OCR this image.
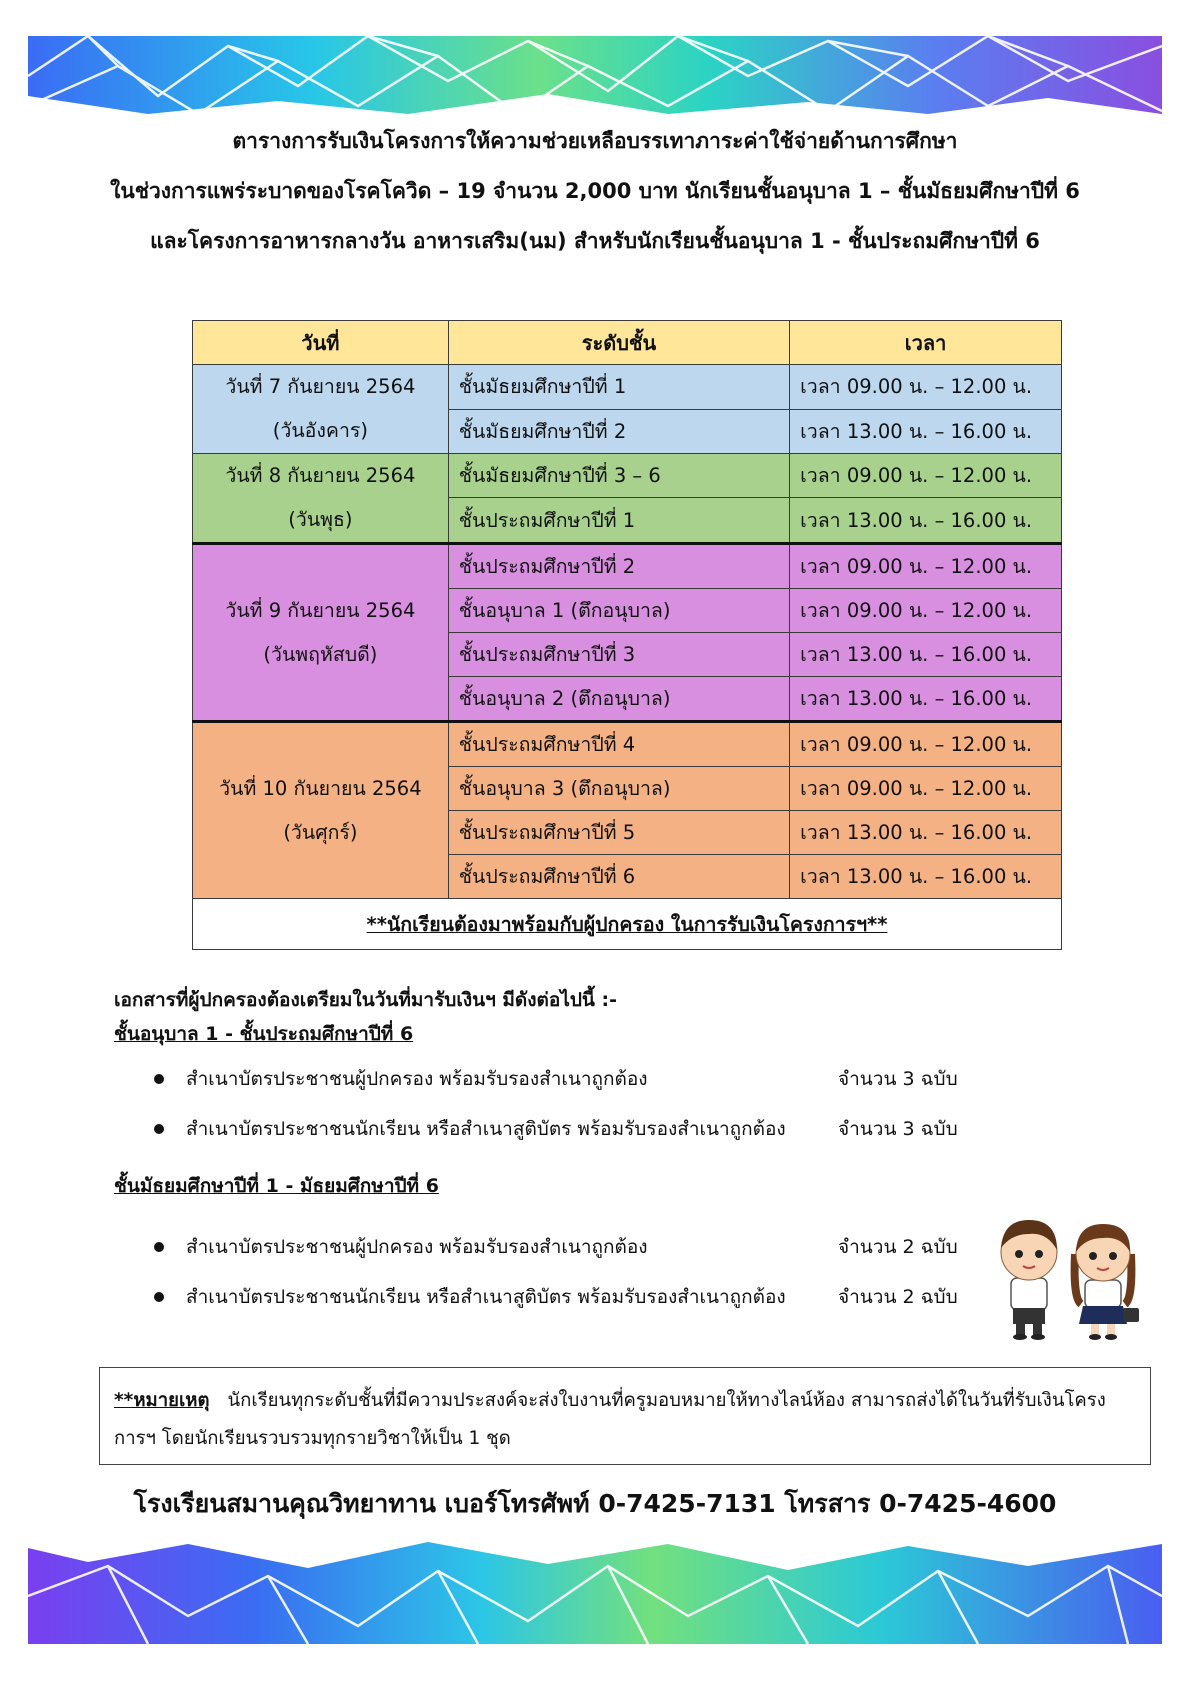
ตารางการรับเงินโครงการให้ความช่วยเหลือบรรเทาภาระค่าใช้จ่ายด้านการศึกษา
ในช่วงการแพร่ระบาดของโรคโควิด – 19 จำนวน 2,000 บาท นักเรียนชั้นอนุบาล 1 – ชั้นมัธยมศึกษาปีที่ 6
และโครงการอาหารกลางวัน อาหารเสริม(นม) สำหรับนักเรียนชั้นอนุบาล 1 - ชั้นประถมศึกษาปีที่ 6
วันที่	ระดับชั้น	เวลา

วันที่ 7 กันยายน 2564
(วันอังคาร)	ชั้นมัธยมศึกษาปีที่ 1	เวลา 09.00 น. – 12.00 น.
	ชั้นมัธยมศึกษาปีที่ 2	เวลา 13.00 น. – 16.00 น.

วันที่ 8 กันยายน 2564
(วันพุธ)	ชั้นมัธยมศึกษาปีที่ 3 – 6	เวลา 09.00 น. – 12.00 น.
	ชั้นประถมศึกษาปีที่ 1	เวลา 13.00 น. – 16.00 น.

วันที่ 9 กันยายน 2564
(วันพฤหัสบดี)	ชั้นประถมศึกษาปีที่ 2	เวลา 09.00 น. – 12.00 น.
	ชั้นอนุบาล 1 (ตึกอนุบาล)	เวลา 09.00 น. – 12.00 น.
	ชั้นประถมศึกษาปีที่ 3	เวลา 13.00 น. – 16.00 น.
	ชั้นอนุบาล 2 (ตึกอนุบาล)	เวลา 13.00 น. – 16.00 น.

วันที่ 10 กันยายน 2564
(วันศุกร์)	ชั้นประถมศึกษาปีที่ 4	เวลา 09.00 น. – 12.00 น.
	ชั้นอนุบาล 3 (ตึกอนุบาล)	เวลา 09.00 น. – 12.00 น.
	ชั้นประถมศึกษาปีที่ 5	เวลา 13.00 น. – 16.00 น.
	ชั้นประถมศึกษาปีที่ 6	เวลา 13.00 น. – 16.00 น.
**นักเรียนต้องมาพร้อมกับผู้ปกครอง ในการรับเงินโครงการฯ**		
เอกสารที่ผู้ปกครองต้องเตรียมในวันที่มารับเงินฯ มีดังต่อไปนี้ :-
ชั้นอนุบาล 1 - ชั้นประถมศึกษาปีที่ 6
สำเนาบัตรประชาชนผู้ปกครอง พร้อมรับรองสำเนาถูกต้อง	จำนวน 3 ฉบับ
สำเนาบัตรประชาชนนักเรียน หรือสำเนาสูติบัตร พร้อมรับรองสำเนาถูกต้อง	จำนวน 3 ฉบับ
ชั้นมัธยมศึกษาปีที่ 1 - มัธยมศึกษาปีที่ 6
สำเนาบัตรประชาชนผู้ปกครอง พร้อมรับรองสำเนาถูกต้อง	จำนวน 2 ฉบับ
สำเนาบัตรประชาชนนักเรียน หรือสำเนาสูติบัตร พร้อมรับรองสำเนาถูกต้อง	จำนวน 2 ฉบับ
**หมายเหตุ นักเรียนทุกระดับชั้นที่มีความประสงค์จะส่งใบงานที่ครูมอบหมายให้ทางไลน์ห้อง สามารถส่งได้ในวันที่รับเงินโครงการฯ โดยนักเรียนรวบรวมทุกรายวิชาให้เป็น 1 ชุด
โรงเรียนสมานคุณวิทยาทาน เบอร์โทรศัพท์ 0-7425-7131 โทรสาร 0-7425-4600
